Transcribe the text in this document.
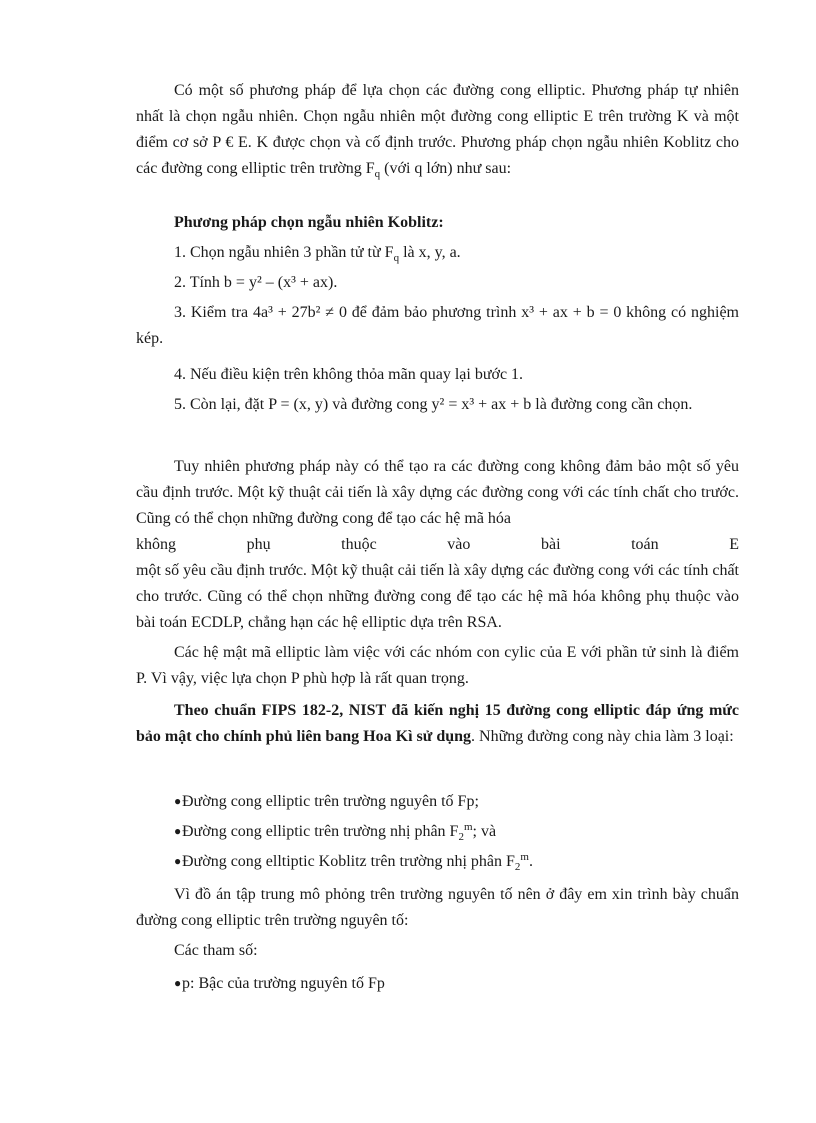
Có một số phương pháp để lựa chọn các đường cong elliptic. Phương pháp tự nhiên nhất là chọn ngẫu nhiên. Chọn ngẫu nhiên một đường cong elliptic E trên trường K và một điểm cơ sở P € E. K được chọn và cố định trước. Phương pháp chọn ngẫu nhiên Koblitz cho các đường cong elliptic trên trường $F_q$ (với q lớn) như sau:

Phương pháp chọn ngẫu nhiên Koblitz:

1. Chọn ngẫu nhiên 3 phần tử từ $F_q$ là x, y, a.

2. Tính b = y² – (x³ + ax).

3. Kiểm tra 4a³ + 27b² ≠ 0 để đảm bảo phương trình x³ + ax + b = 0 không có nghiệm kép.

4. Nếu điều kiện trên không thỏa mãn quay lại bước 1.

5. Còn lại, đặt P = (x, y) và đường cong y² = x³ + ax + b là đường cong cần chọn.

Tuy nhiên phương pháp này có thể tạo ra các đường cong không đảm bảo một số yêu cầu định trước. Một kỹ thuật cải tiến là xây dựng các đường cong với các tính chất cho trước. Cũng có thể chọn những đường cong để tạo các hệ mã hóa

không	phụ	thuộc	vào	bài	toán	E

một số yêu cầu định trước. Một kỹ thuật cải tiến là xây dựng các đường cong với các tính chất cho trước. Cũng có thể chọn những đường cong để tạo các hệ mã hóa không phụ thuộc vào bài toán ECDLP, chẳng hạn các hệ elliptic dựa trên RSA.

Các hệ mật mã elliptic làm việc với các nhóm con cylic của E với phần tử sinh là điểm P. Vì vậy, việc lựa chọn P phù hợp là rất quan trọng.

Theo chuẩn FIPS 182-2, NIST đã kiến nghị 15 đường cong elliptic đáp ứng mức bảo mật cho chính phủ liên bang Hoa Kì sử dụng. Những đường cong này chia làm 3 loại:

●Đường cong elliptic trên trường nguyên tố Fp;

●Đường cong elliptic trên trường nhị phân $F_2^m$; và

●Đường cong elltiptic Koblitz trên trường nhị phân $F_2^m$.

Vì đồ án tập trung mô phỏng trên trường nguyên tố nên ở đây em xin trình bày chuẩn đường cong elliptic trên trường nguyên tố:

Các tham số:

●p: Bậc của trường nguyên tố Fp
